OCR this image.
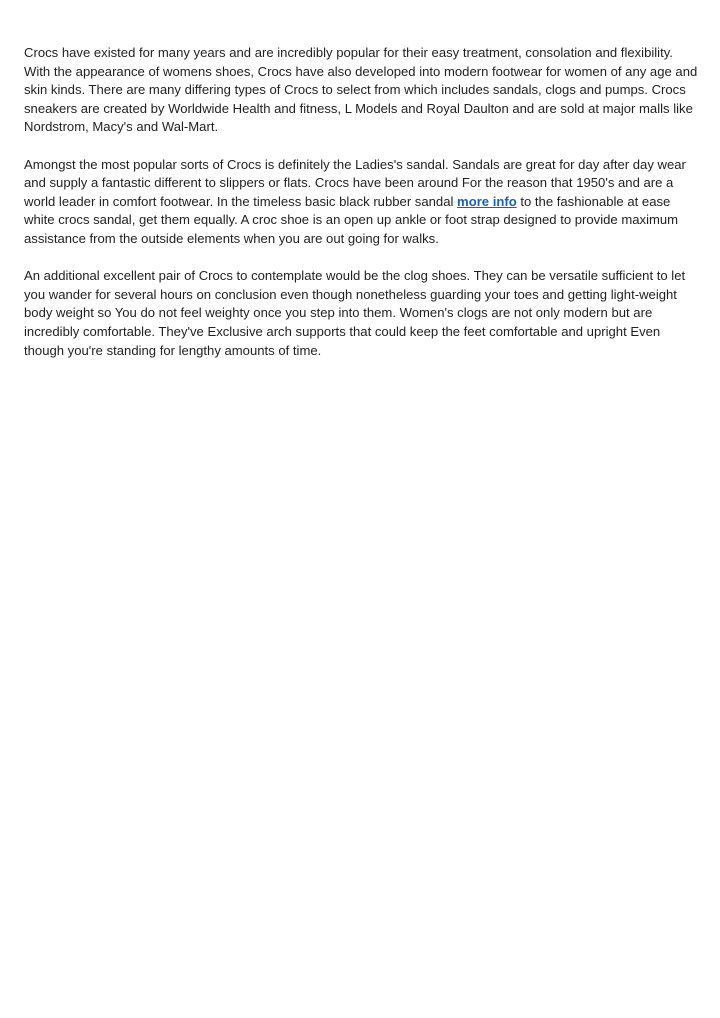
Crocs have existed for many years and are incredibly popular for their easy treatment, consolation and flexibility. With the appearance of womens shoes, Crocs have also developed into modern footwear for women of any age and skin kinds. There are many differing types of Crocs to select from which includes sandals, clogs and pumps. Crocs sneakers are created by Worldwide Health and fitness, L Models and Royal Daulton and are sold at major malls like Nordstrom, Macy's and Wal-Mart.

Amongst the most popular sorts of Crocs is definitely the Ladies's sandal. Sandals are great for day after day wear and supply a fantastic different to slippers or flats. Crocs have been around For the reason that 1950's and are a world leader in comfort footwear. In the timeless basic black rubber sandal more info to the fashionable at ease white crocs sandal, get them equally. A croc shoe is an open up ankle or foot strap designed to provide maximum assistance from the outside elements when you are out going for walks.

An additional excellent pair of Crocs to contemplate would be the clog shoes. They can be versatile sufficient to let you wander for several hours on conclusion even though nonetheless guarding your toes and getting light-weight body weight so You do not feel weighty once you step into them. Women's clogs are not only modern but are incredibly comfortable. They've Exclusive arch supports that could keep the feet comfortable and upright Even though you're standing for lengthy amounts of time.
